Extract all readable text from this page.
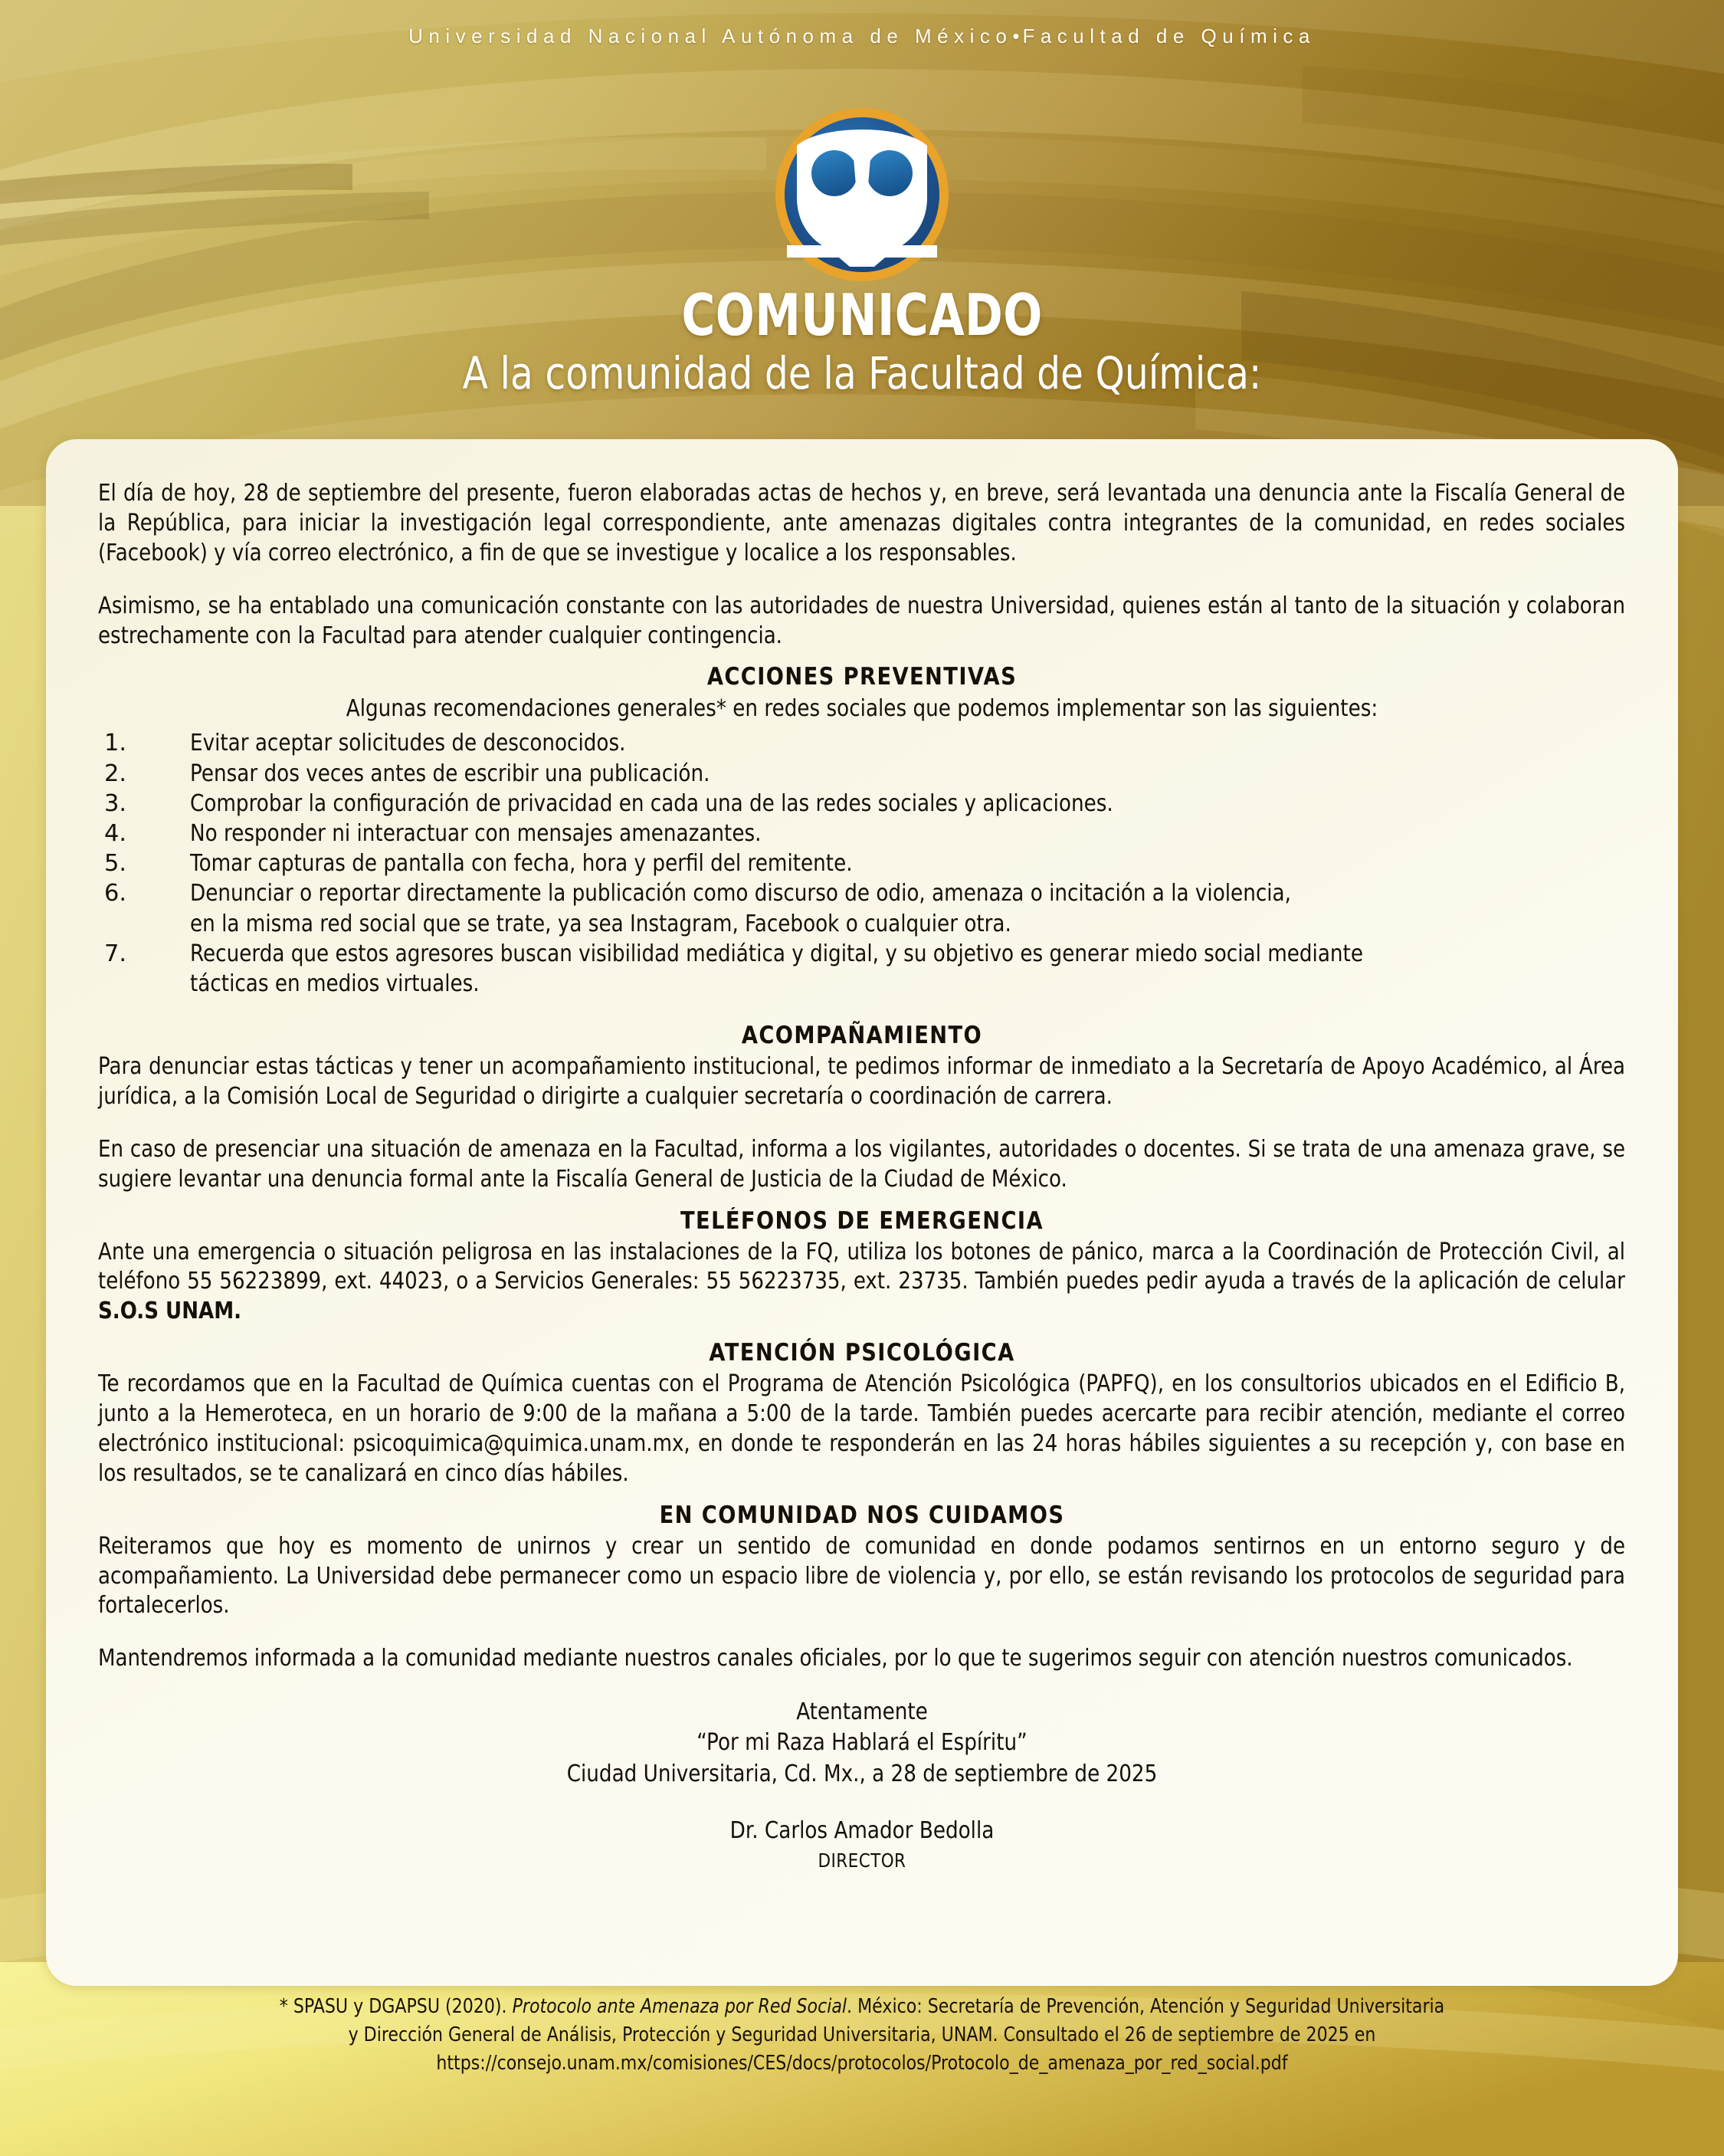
Universidad Nacional Autónoma de México•Facultad de Química
COMUNICADO
A la comunidad de la Facultad de Química:

El día de hoy, 28 de septiembre del presente, fueron elaboradas actas de hechos y, en breve, será levantada una denuncia ante la Fiscalía General de la República, para iniciar la investigación legal correspondiente, ante amenazas digitales contra integrantes de la comunidad, en redes sociales (Facebook) y vía correo electrónico, a fin de que se investigue y localice a los responsables.

Asimismo, se ha entablado una comunicación constante con las autoridades de nuestra Universidad, quienes están al tanto de la situación y colaboran estrechamente con la Facultad para atender cualquier contingencia.

ACCIONES PREVENTIVAS

Algunas recomendaciones generales* en redes sociales que podemos implementar son las siguientes:

1.	Evitar aceptar solicitudes de desconocidos.
2.	Pensar dos veces antes de escribir una publicación.
3.	Comprobar la configuración de privacidad en cada una de las redes sociales y aplicaciones.
4.	No responder ni interactuar con mensajes amenazantes.
5.	Tomar capturas de pantalla con fecha, hora y perfil del remitente.
6.	Denunciar o reportar directamente la publicación como discurso de odio, amenaza o incitación a la violencia,
en la misma red social que se trate, ya sea Instagram, Facebook o cualquier otra.
7.	Recuerda que estos agresores buscan visibilidad mediática y digital, y su objetivo es generar miedo social mediante
tácticas en medios virtuales.
ACOMPAÑAMIENTO

Para denunciar estas tácticas y tener un acompañamiento institucional, te pedimos informar de inmediato a la Secretaría de Apoyo Académico, al Área jurídica, a la Comisión Local de Seguridad o dirigirte a cualquier secretaría o coordinación de carrera.

En caso de presenciar una situación de amenaza en la Facultad, informa a los vigilantes, autoridades o docentes. Si se trata de una amenaza grave, se sugiere levantar una denuncia formal ante la Fiscalía General de Justicia de la Ciudad de México.

TELÉFONOS DE EMERGENCIA

Ante una emergencia o situación peligrosa en las instalaciones de la FQ, utiliza los botones de pánico, marca a la Coordinación de Protección Civil, al teléfono 55 56223899, ext. 44023, o a Servicios Generales: 55 56223735, ext. 23735. También puedes pedir ayuda a través de la aplicación de celular S.O.S UNAM.

ATENCIÓN PSICOLÓGICA

Te recordamos que en la Facultad de Química cuentas con el Programa de Atención Psicológica (PAPFQ), en los consultorios ubicados en el Edificio B, junto a la Hemeroteca, en un horario de 9:00 de la mañana a 5:00 de la tarde. También puedes acercarte para recibir atención, mediante el correo electrónico institucional: psicoquimica@quimica.unam.mx, en donde te responderán en las 24 horas hábiles siguientes a su recepción y, con base en los resultados, se te canalizará en cinco días hábiles.

EN COMUNIDAD NOS CUIDAMOS

Reiteramos que hoy es momento de unirnos y crear un sentido de comunidad en donde podamos sentirnos en un entorno seguro y de acompañamiento. La Universidad debe permanecer como un espacio libre de violencia y, por ello, se están revisando los protocolos de seguridad para fortalecerlos.

Mantendremos informada a la comunidad mediante nuestros canales oficiales, por lo que te sugerimos seguir con atención nuestros comunicados.

Atentamente
“Por mi Raza Hablará el Espíritu”
Ciudad Universitaria, Cd. Mx., a 28 de septiembre de 2025
Dr. Carlos Amador Bedolla
DIRECTOR
* SPASU y DGAPSU (2020). Protocolo ante Amenaza por Red Social. México: Secretaría de Prevención, Atención y Seguridad Universitaria
y Dirección General de Análisis, Protección y Seguridad Universitaria, UNAM. Consultado el 26 de septiembre de 2025 en
https://consejo.unam.mx/comisiones/CES/docs/protocolos/Protocolo_de_amenaza_por_red_social.pdf
